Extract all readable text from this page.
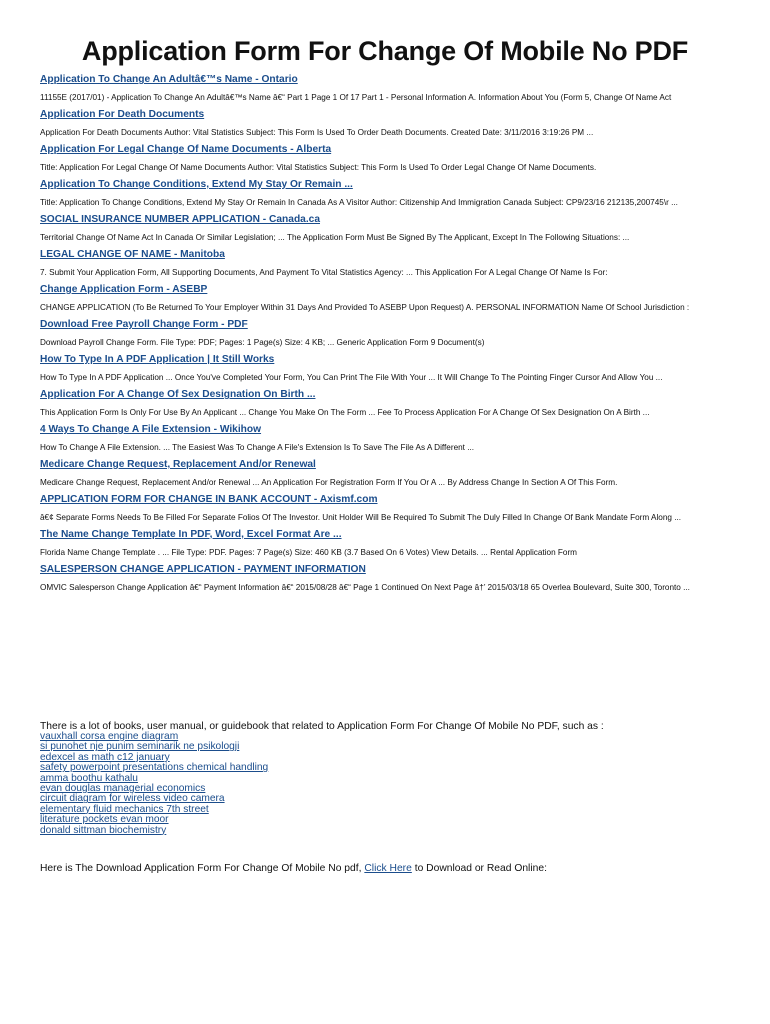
Application Form For Change Of Mobile No PDF
Application To Change An Adultâ€™s Name - Ontario

11155E (2017/01) - Application To Change An Adultâ€™s Name â€“ Part 1 Page 1 Of 17 Part 1 - Personal Information A. Information About You (Form 5, Change Of Name Act

Application For Death Documents

Application For Death Documents Author: Vital Statistics Subject: This Form Is Used To Order Death Documents. Created Date: 3/11/2016 3:19:26 PM ...

Application For Legal Change Of Name Documents - Alberta

Title: Application For Legal Change Of Name Documents Author: Vital Statistics Subject: This Form Is Used To Order Legal Change Of Name Documents.

Application To Change Conditions, Extend My Stay Or Remain ...

Title: Application To Change Conditions, Extend My Stay Or Remain In Canada As A Visitor Author: Citizenship And Immigration Canada Subject: CP9/23/16 212135,200745\r ...

SOCIAL INSURANCE NUMBER APPLICATION - Canada.ca

Territorial Change Of Name Act In Canada Or Similar Legislation; ... The Application Form Must Be Signed By The Applicant, Except In The Following Situations: ...

LEGAL CHANGE OF NAME - Manitoba

7. Submit Your Application Form, All Supporting Documents, And Payment To Vital Statistics Agency: ... This Application For A Legal Change Of Name Is For:

Change Application Form - ASEBP

CHANGE APPLICATION (To Be Returned To Your Employer Within 31 Days And Provided To ASEBP Upon Request) A. PERSONAL INFORMATION Name Of School Jurisdiction :

Download Free Payroll Change Form - PDF

Download Payroll Change Form. File Type: PDF; Pages: 1 Page(s) Size: 4 KB; ... Generic Application Form 9 Document(s)

How To Type In A PDF Application | It Still Works

How To Type In A PDF Application ... Once You've Completed Your Form, You Can Print The File With Your ... It Will Change To The Pointing Finger Cursor And Allow You ...

Application For A Change Of Sex Designation On Birth ...

This Application Form Is Only For Use By An Applicant ... Change You Make On The Form ... Fee To Process Application For A Change Of Sex Designation On A Birth ...

4 Ways To Change A File Extension - Wikihow

How To Change A File Extension. ... The Easiest Was To Change A File's Extension Is To Save The File As A Different ...

Medicare Change Request, Replacement And/or Renewal

Medicare Change Request, Replacement And/or Renewal ... An Application For Registration Form If You Or A ... By Address Change In Section A Of This Form.

APPLICATION FORM FOR CHANGE IN BANK ACCOUNT - Axismf.com

â€¢ Separate Forms Needs To Be Filled For Separate Folios Of The Investor. Unit Holder Will Be Required To Submit The Duly Filled In Change Of Bank Mandate Form Along ...

The Name Change Template In PDF, Word, Excel Format Are ...

Florida Name Change Template . ... File Type: PDF. Pages: 7 Page(s) Size: 460 KB (3.7 Based On 6 Votes) View Details. ... Rental Application Form

SALESPERSON CHANGE APPLICATION - PAYMENT INFORMATION

OMVIC Salesperson Change Application â€“ Payment Information â€“ 2015/08/28 â€“ Page 1 Continued On Next Page â†’ 2015/03/18 65 Overlea Boulevard, Suite 300, Toronto ...

There is a lot of books, user manual, or guidebook that related to Application Form For Change Of Mobile No PDF, such as :

vauxhall corsa engine diagram
si punohet nje punim seminarik ne psikologji
edexcel as math c12 january
safety powerpoint presentations chemical handling
amma boothu kathalu
evan douglas managerial economics
circuit diagram for wireless video camera
elementary fluid mechanics 7th street
literature pockets evan moor
donald sittman biochemistry

Here is The Download Application Form For Change Of Mobile No pdf, Click Here to Download or Read Online:
